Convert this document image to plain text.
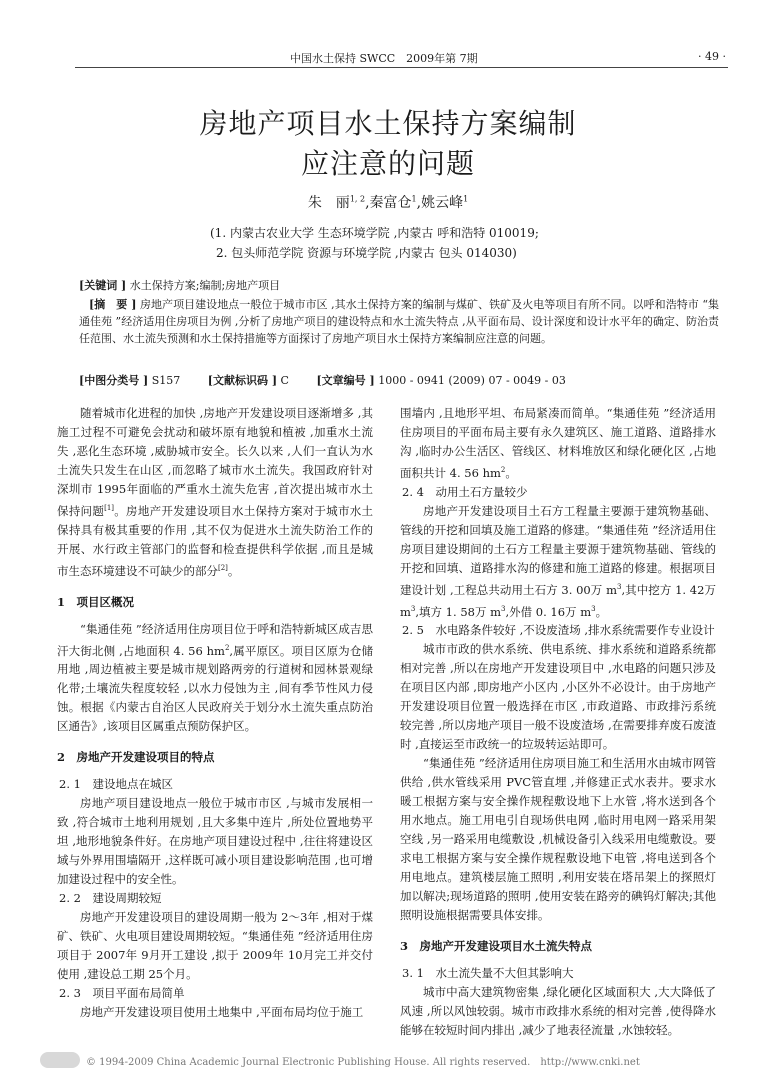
中国水土保持 SWCC　2009年第 7期	· 49 ·
房地产项目水土保持方案编制
应注意的问题
朱　丽$^{1, 2}$,秦富仓$^1$,姚云峰$^1$
(1. 内蒙古农业大学 生态环境学院 ,内蒙古 呼和浩特 010019;
2. 包头师范学院 资源与环境学院 ,内蒙古 包头 014030)
[关键词 ] 水土保持方案;编制;房地产项目
[摘　要 ] 房地产项目建设地点一般位于城市市区 ,其水土保持方案的编制与煤矿、铁矿及火电等项目有所不同。以呼和浩特市 “集通佳苑 ”经济适用住房项目为例 ,分析了房地产项目的建设特点和水土流失特点 ,从平面布局、设计深度和设计水平年的确定、防治责任范围、水土流失预测和水土保持措施等方面探讨了房地产项目水土保持方案编制应注意的问题。
[中图分类号 ] S157	[文献标识码 ] C	[文章编号 ] 1000 - 0941 (2009) 07 - 0049 - 03

随着城市化进程的加快 ,房地产开发建设项目逐渐增多 ,其施工过程不可避免会扰动和破坏原有地貌和植被 ,加重水土流失 ,恶化生态环境 ,威胁城市安全。长久以来 ,人们一直认为水土流失只发生在山区 ,而忽略了城市水土流失。我国政府针对深圳市 1995年面临的严重水土流失危害 ,首次提出城市水土保持问题[1]。房地产开发建设项目水土保持方案对于城市水土保持具有极其重要的作用 ,其不仅为促进水土流失防治工作的开展、水行政主管部门的监督和检查提供科学依据 ,而且是城市生态环境建设不可缺少的部分[2]。

1　项目区概况

“集通佳苑 ”经济适用住房项目位于呼和浩特新城区成吉思汗大街北侧 ,占地面积 4. 56 $hm^2$,属平原区。项目区原为仓储用地 ,周边植被主要是城市规划路两旁的行道树和园林景观绿化带;土壤流失程度较轻 ,以水力侵蚀为主 ,间有季节性风力侵蚀。根据《内蒙古自治区人民政府关于划分水土流失重点防治区通告》,该项目区属重点预防保护区。

2　房地产开发建设项目的特点
2. 1　建设地点在城区

房地产项目建设地点一般位于城市市区 ,与城市发展相一致 ,符合城市土地利用规划 ,且大多集中连片 ,所处位置地势平坦 ,地形地貌条件好。在房地产项目建设过程中 ,往往将建设区域与外界用围墙隔开 ,这样既可减小项目建设影响范围 ,也可增加建设过程中的安全性。

2. 2　建设周期较短

房地产开发建设项目的建设周期一般为 2～3年 ,相对于煤矿、铁矿、火电项目建设周期较短。“集通佳苑 ”经济适用住房项目于 2007年 9月开工建设 ,拟于 2009年 10月完工并交付使用 ,建设总工期 25个月。

2. 3　项目平面布局简单

房地产开发建设项目使用土地集中 ,平面布局均位于施工

围墙内 ,且地形平坦、布局紧凑而简单。“集通佳苑 ”经济适用住房项目的平面布局主要有永久建筑区、施工道路、道路排水沟 ,临时办公生活区、管线区、材料堆放区和绿化硬化区 ,占地面积共计 4. 56 $hm^2$。

2. 4　动用土石方量较少

房地产开发建设项目土石方工程量主要源于建筑物基础、管线的开挖和回填及施工道路的修建。“集通佳苑 ”经济适用住房项目建设期间的土石方工程量主要源于建筑物基础、管线的开挖和回填、道路排水沟的修建和施工道路的修建。根据项目建设计划 ,工程总共动用土石方 3. 00万 $m^3$,其中挖方 1. 42万 $m^3$,填方 1. 58万 $m^3$,外借 0. 16万 $m^3$。

2. 5　水电路条件较好 ,不设废渣场 ,排水系统需要作专业设计

城市市政的供水系统、供电系统、排水系统和道路系统都相对完善 ,所以在房地产开发建设项目中 ,水电路的问题只涉及在项目区内部 ,即房地产小区内 ,小区外不必设计。由于房地产开发建设项目位置一般选择在市区 ,市政道路、市政排污系统较完善 ,所以房地产项目一般不设废渣场 ,在需要排弃废石废渣时 ,直接运至市政统一的垃圾转运站即可。

“集通佳苑 ”经济适用住房项目施工和生活用水由城市网管供给 ,供水管线采用 PVC管直埋 ,并修建正式水表井。要求水暖工根据方案与安全操作规程敷设地下上水管 ,将水送到各个用水地点。施工用电引自现场供电网 ,临时用电网一路采用架空线 ,另一路采用电缆敷设 ,机械设备引入线采用电缆敷设。要求电工根据方案与安全操作规程敷设地下电管 ,将电送到各个用电地点。建筑楼层施工照明 ,利用安装在塔吊架上的探照灯加以解决;现场道路的照明 ,使用安装在路旁的碘钨灯解决;其他照明设施根据需要具体安排。

3　房地产开发建设项目水土流失特点
3. 1　水土流失量不大但其影响大

城市中高大建筑物密集 ,绿化硬化区域面积大 ,大大降低了风速 ,所以风蚀较弱。城市市政排水系统的相对完善 ,使得降水能够在较短时间内排出 ,减少了地表径流量 ,水蚀较轻。

© 1994-2009 China Academic Journal Electronic Publishing House. All rights reserved.　http://www.cnki.net
